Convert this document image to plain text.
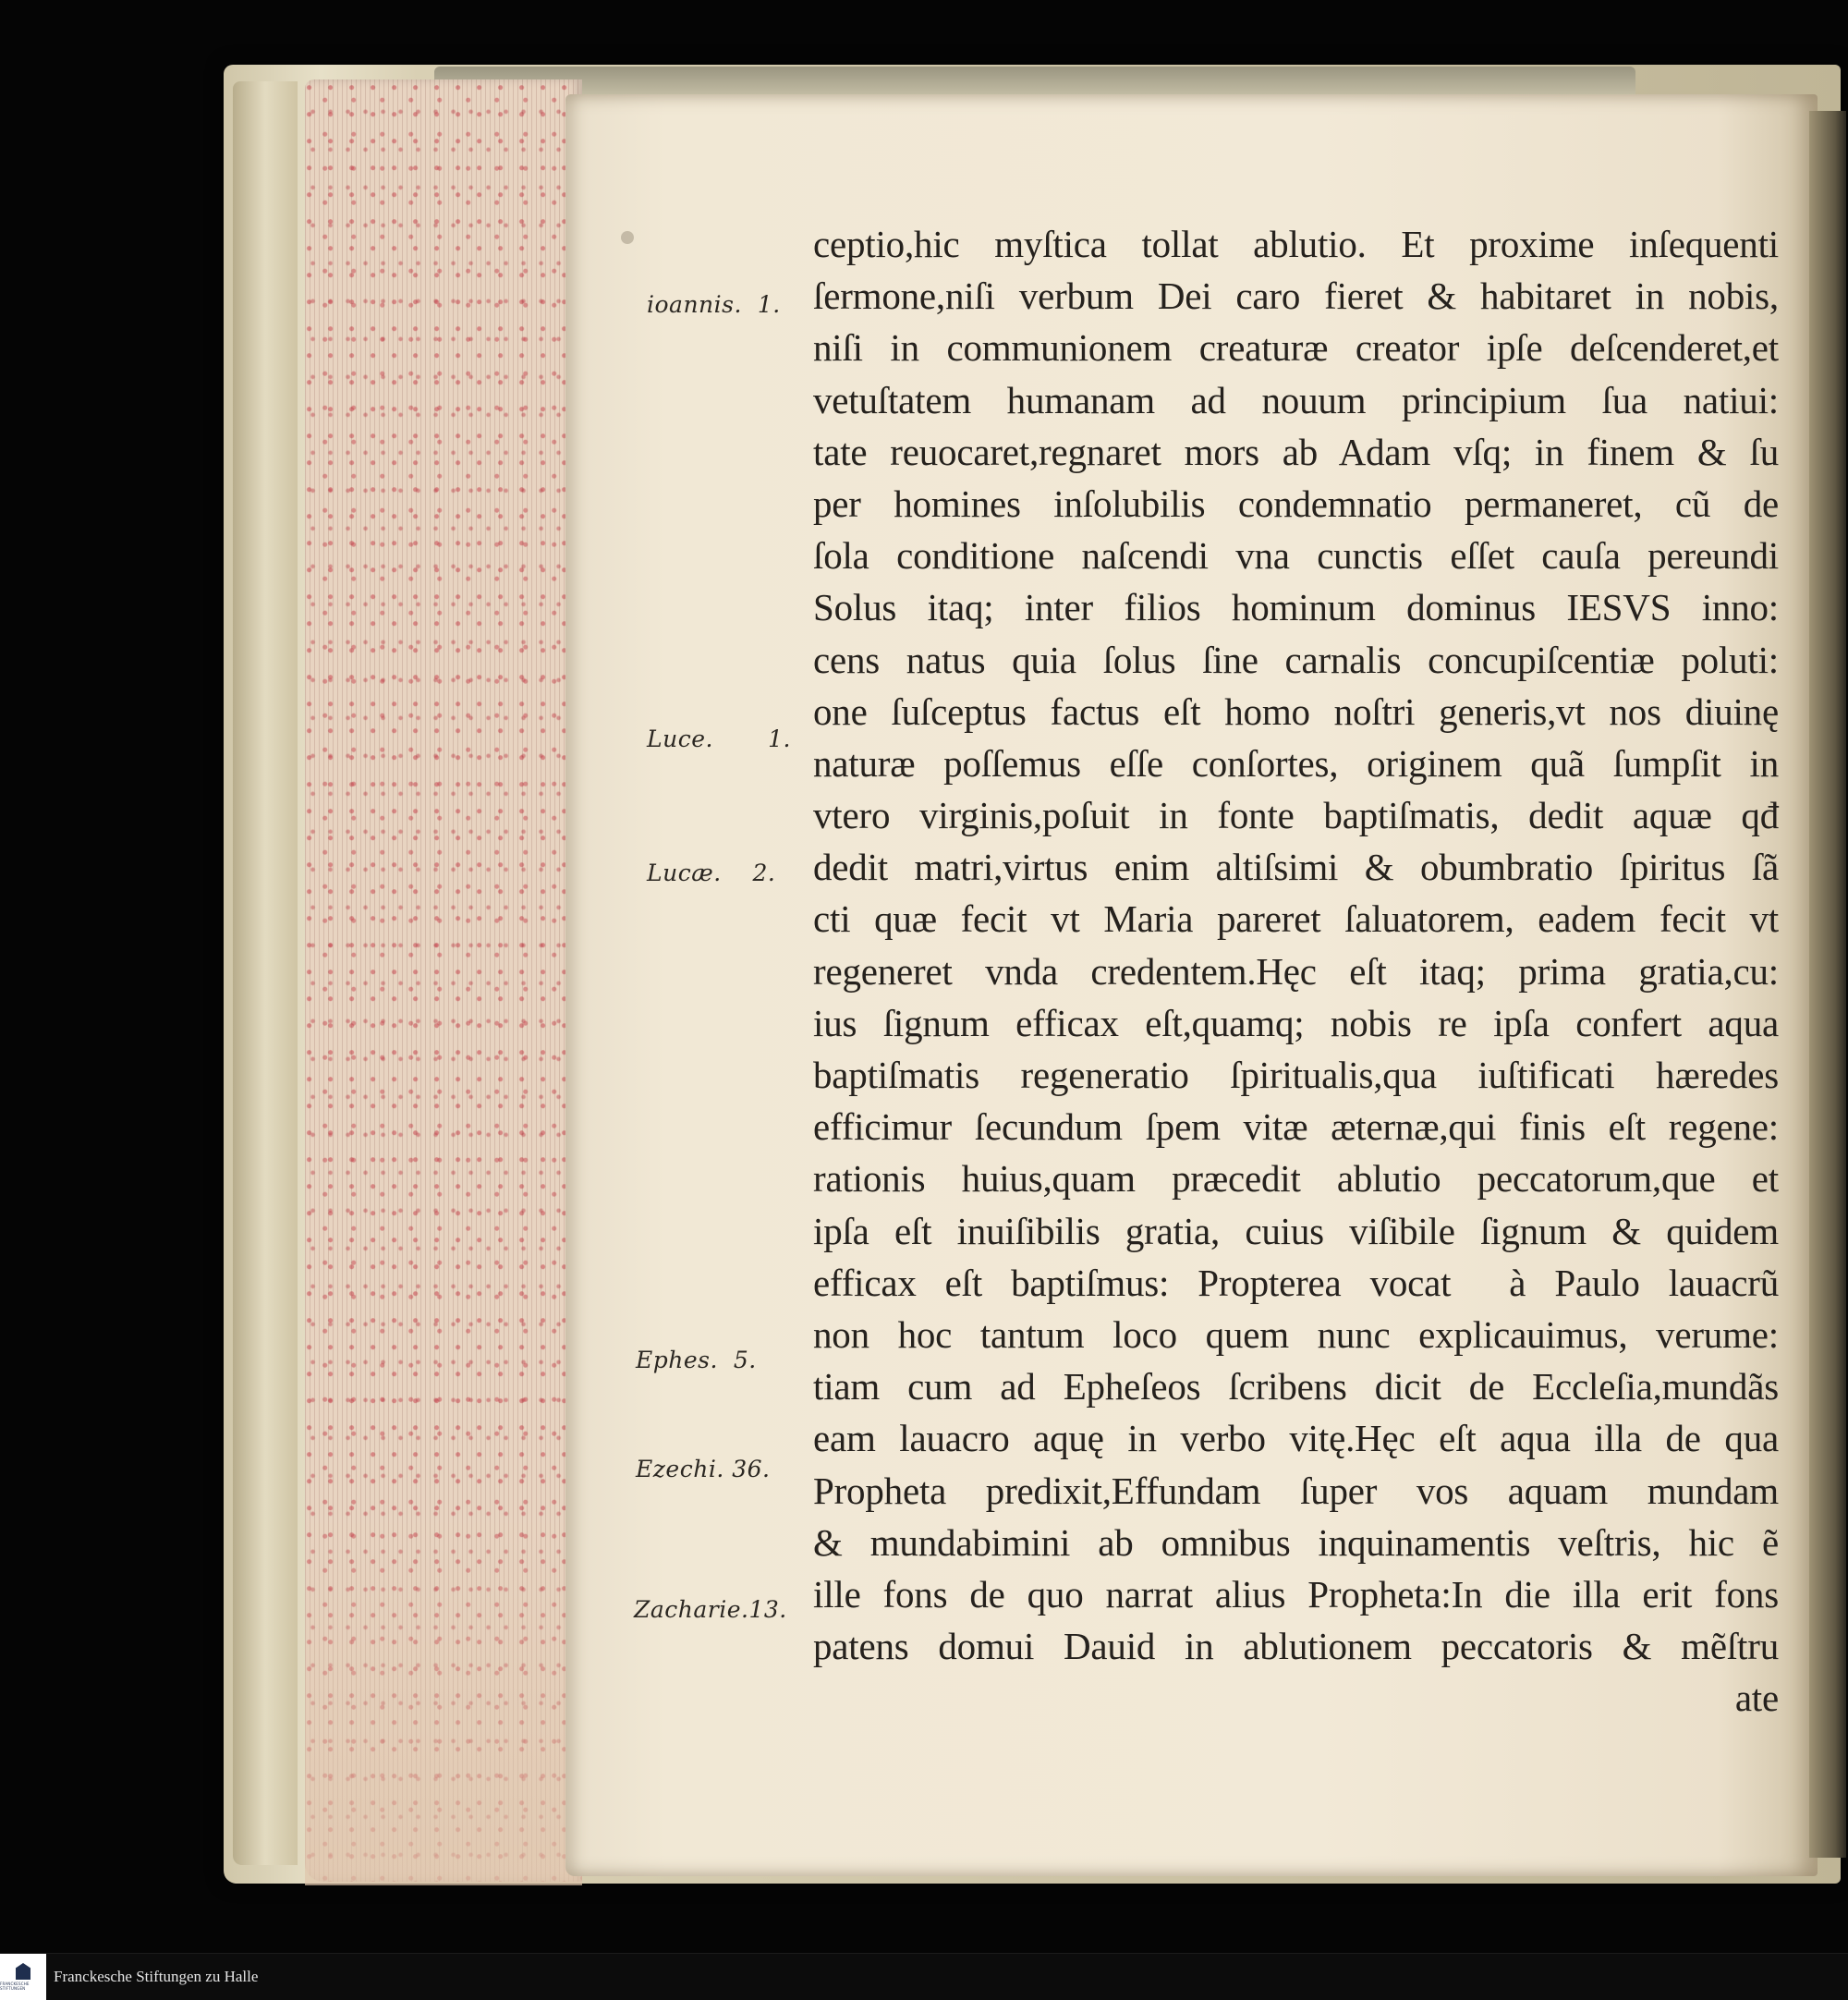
ioannis. 1.
Luce. 1.
Lucæ. 2.
Ephes. 5.
Ezechi. 36.
Zacharie.13.
ceptio,hic myſtica tollat ablutio. Et proxime inſequenti
ſermone,niſi verbum Dei caro fieret & habitaret in nobis,
niſi in communionem creaturæ creator ipſe deſcenderet,et
vetuſtatem humanam ad nouum principium ſua natiui:
tate reuocaret,regnaret mors ab Adam vſq; in finem & ſu
per homines inſolubilis condemnatio permaneret, cũ de
ſola conditione naſcendi vna cunctis eſſet cauſa pereundi
Solus itaq; inter filios hominum dominus IESVS inno:
cens natus quia ſolus ſine carnalis concupiſcentiæ poluti:
one ſuſceptus factus eſt homo noſtri generis,vt nos diuinę
naturæ poſſemus eſſe conſortes, originem quã ſumpſit in
vtero virginis,poſuit in fonte baptiſmatis, dedit aquæ qđ
dedit matri,virtus enim altiſsimi & obumbratio ſpiritus ſã
cti quæ fecit vt Maria pareret ſaluatorem, eadem fecit vt
regeneret vnda credentem.Hęc eſt itaq; prima gratia,cu:
ius ſignum efficax eſt,quamq; nobis re ipſa confert aqua
baptiſmatis regeneratio ſpiritualis,qua iuſtificati hæredes
efficimur ſecundum ſpem vitæ æternæ,qui finis eſt regene:
rationis huius,quam præcedit ablutio peccatorum,que et
ipſa eſt inuiſibilis gratia, cuius viſibile ſignum & quidem
efficax eſt baptiſmus: Propterea vocatᷣ à Paulo lauacrũ
non hoc tantum loco quem nunc explicauimus, verume:
tiam cum ad Epheſeos ſcribens dicit de Eccleſia,mundãs
eam lauacro aquę in verbo vitę.Hęc eſt aqua illa de qua
Propheta predixit,Effundam ſuper vos aquam mundam
& mundabimini ab omnibus inquinamentis veſtris, hic ẽ
ille fons de quo narrat alius Propheta:In die illa erit fons
patens domui Dauid in ablutionem peccatoris & mẽſtru
ate
FRANCKESCHE STIFTUNGEN
Franckesche Stiftungen zu Halle
